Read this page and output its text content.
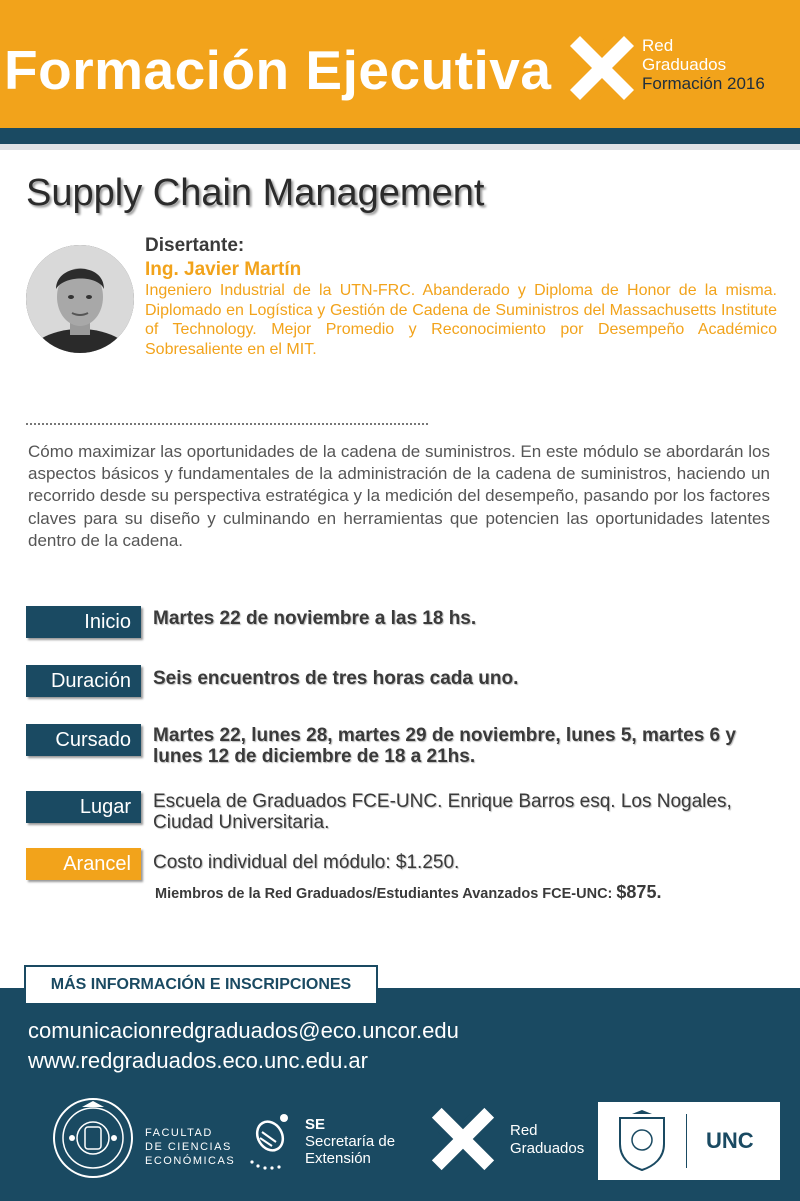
Formación Ejecutiva	Red
Graduados
Formación 2016
Supply Chain Management
Disertante:
Ing. Javier Martín
Ingeniero Industrial de la UTN-FRC. Abanderado y Diploma de Honor de la misma. Diplomado en Logística y Gestión de Cadena de Suministros del Massachusetts Institute of Technology. Mejor Promedio y Reconocimiento por Desempeño Académico Sobresaliente en el MIT.
Cómo maximizar las oportunidades de la cadena de suministros. En este módulo se abordarán los aspectos básicos y fundamentales de la administración de la cadena de suministros, haciendo un recorrido desde su perspectiva estratégica y la medición del desempeño, pasando por los factores claves para su diseño y culminando en herramientas que potencien las oportunidades latentes dentro de la cadena.
Inicio	Martes 22 de noviembre a las 18 hs.
Duración	Seis encuentros de tres horas cada uno.
Cursado	Martes 22, lunes 28, martes 29 de noviembre, lunes 5, martes 6 y lunes 12 de diciembre de 18 a 21hs.
Lugar	Escuela de Graduados FCE-UNC. Enrique Barros esq. Los Nogales, Ciudad Universitaria.
Arancel	Costo individual del módulo: $1.250.
Miembros de la Red Graduados/Estudiantes Avanzados FCE-UNC: $875.
MÁS INFORMACIÓN E INSCRIPCIONES
comunicacionredgraduados@eco.uncor.edu
www.redgraduados.eco.unc.edu.ar
FACULTAD
DE CIENCIAS
ECONÓMICAS
SE
Secretaría de
Extensión
Red
Graduados	UNC
